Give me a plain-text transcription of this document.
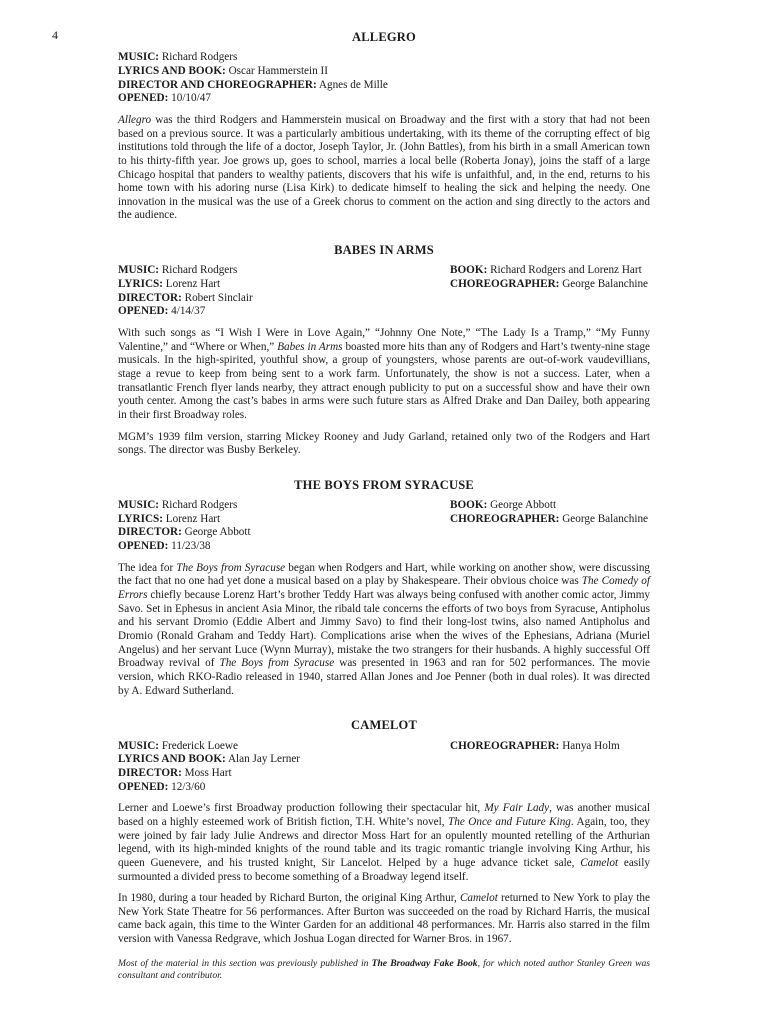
4	ALLEGRO
MUSIC: Richard Rodgers
LYRICS AND BOOK: Oscar Hammerstein II
DIRECTOR AND CHOREOGRAPHER: Agnes de Mille
OPENED: 10/10/47

Allegro was the third Rodgers and Hammerstein musical on Broadway and the first with a story that had not been based on a previous source. It was a particularly ambitious undertaking, with its theme of the corrupting effect of big institutions told through the life of a doctor, Joseph Taylor, Jr. (John Battles), from his birth in a small American town to his thirty-fifth year. Joe grows up, goes to school, marries a local belle (Roberta Jonay), joins the staff of a large Chicago hospital that panders to wealthy patients, discovers that his wife is unfaithful, and, in the end, returns to his home town with his adoring nurse (Lisa Kirk) to dedicate himself to healing the sick and helping the needy. One innovation in the musical was the use of a Greek chorus to comment on the action and sing directly to the actors and the audience.

BABES IN ARMS
MUSIC: Richard Rodgers
LYRICS: Lorenz Hart
DIRECTOR: Robert Sinclair
OPENED: 4/14/37
BOOK: Richard Rodgers and Lorenz Hart
CHOREOGRAPHER: George Balanchine

With such songs as “I Wish I Were in Love Again,” “Johnny One Note,” “The Lady Is a Tramp,” “My Funny Valentine,” and “Where or When,” Babes in Arms boasted more hits than any of Rodgers and Hart’s twenty-nine stage musicals. In the high-spirited, youthful show, a group of youngsters, whose parents are out-of-work vaudevillians, stage a revue to keep from being sent to a work farm. Unfortunately, the show is not a success. Later, when a transatlantic French flyer lands nearby, they attract enough publicity to put on a successful show and have their own youth center. Among the cast’s babes in arms were such future stars as Alfred Drake and Dan Dailey, both appearing in their first Broadway roles.

MGM’s 1939 film version, starring Mickey Rooney and Judy Garland, retained only two of the Rodgers and Hart songs. The director was Busby Berkeley.

THE BOYS FROM SYRACUSE
MUSIC: Richard Rodgers
LYRICS: Lorenz Hart
DIRECTOR: George Abbott
OPENED: 11/23/38
BOOK: George Abbott
CHOREOGRAPHER: George Balanchine

The idea for The Boys from Syracuse began when Rodgers and Hart, while working on another show, were discussing the fact that no one had yet done a musical based on a play by Shakespeare. Their obvious choice was The Comedy of Errors chiefly because Lorenz Hart’s brother Teddy Hart was always being confused with another comic actor, Jimmy Savo. Set in Ephesus in ancient Asia Minor, the ribald tale concerns the efforts of two boys from Syracuse, Antipholus and his servant Dromio (Eddie Albert and Jimmy Savo) to find their long-lost twins, also named Antipholus and Dromio (Ronald Graham and Teddy Hart). Complications arise when the wives of the Ephesians, Adriana (Muriel Angelus) and her servant Luce (Wynn Murray), mistake the two strangers for their husbands. A highly successful Off Broadway revival of The Boys from Syracuse was presented in 1963 and ran for 502 performances. The movie version, which RKO-Radio released in 1940, starred Allan Jones and Joe Penner (both in dual roles). It was directed by A. Edward Sutherland.

CAMELOT
MUSIC: Frederick Loewe
LYRICS AND BOOK: Alan Jay Lerner
DIRECTOR: Moss Hart
OPENED: 12/3/60
CHOREOGRAPHER: Hanya Holm

Lerner and Loewe’s first Broadway production following their spectacular hit, My Fair Lady, was another musical based on a highly esteemed work of British fiction, T.H. White’s novel, The Once and Future King. Again, too, they were joined by fair lady Julie Andrews and director Moss Hart for an opulently mounted retelling of the Arthurian legend, with its high-minded knights of the round table and its tragic romantic triangle involving King Arthur, his queen Guenevere, and his trusted knight, Sir Lancelot. Helped by a huge advance ticket sale, Camelot easily surmounted a divided press to become something of a Broadway legend itself.

In 1980, during a tour headed by Richard Burton, the original King Arthur, Camelot returned to New York to play the New York State Theatre for 56 performances. After Burton was succeeded on the road by Richard Harris, the musical came back again, this time to the Winter Garden for an additional 48 performances. Mr. Harris also starred in the film version with Vanessa Redgrave, which Joshua Logan directed for Warner Bros. in 1967.

Most of the material in this section was previously published in The Broadway Fake Book, for which noted author Stanley Green was consultant and contributor.
